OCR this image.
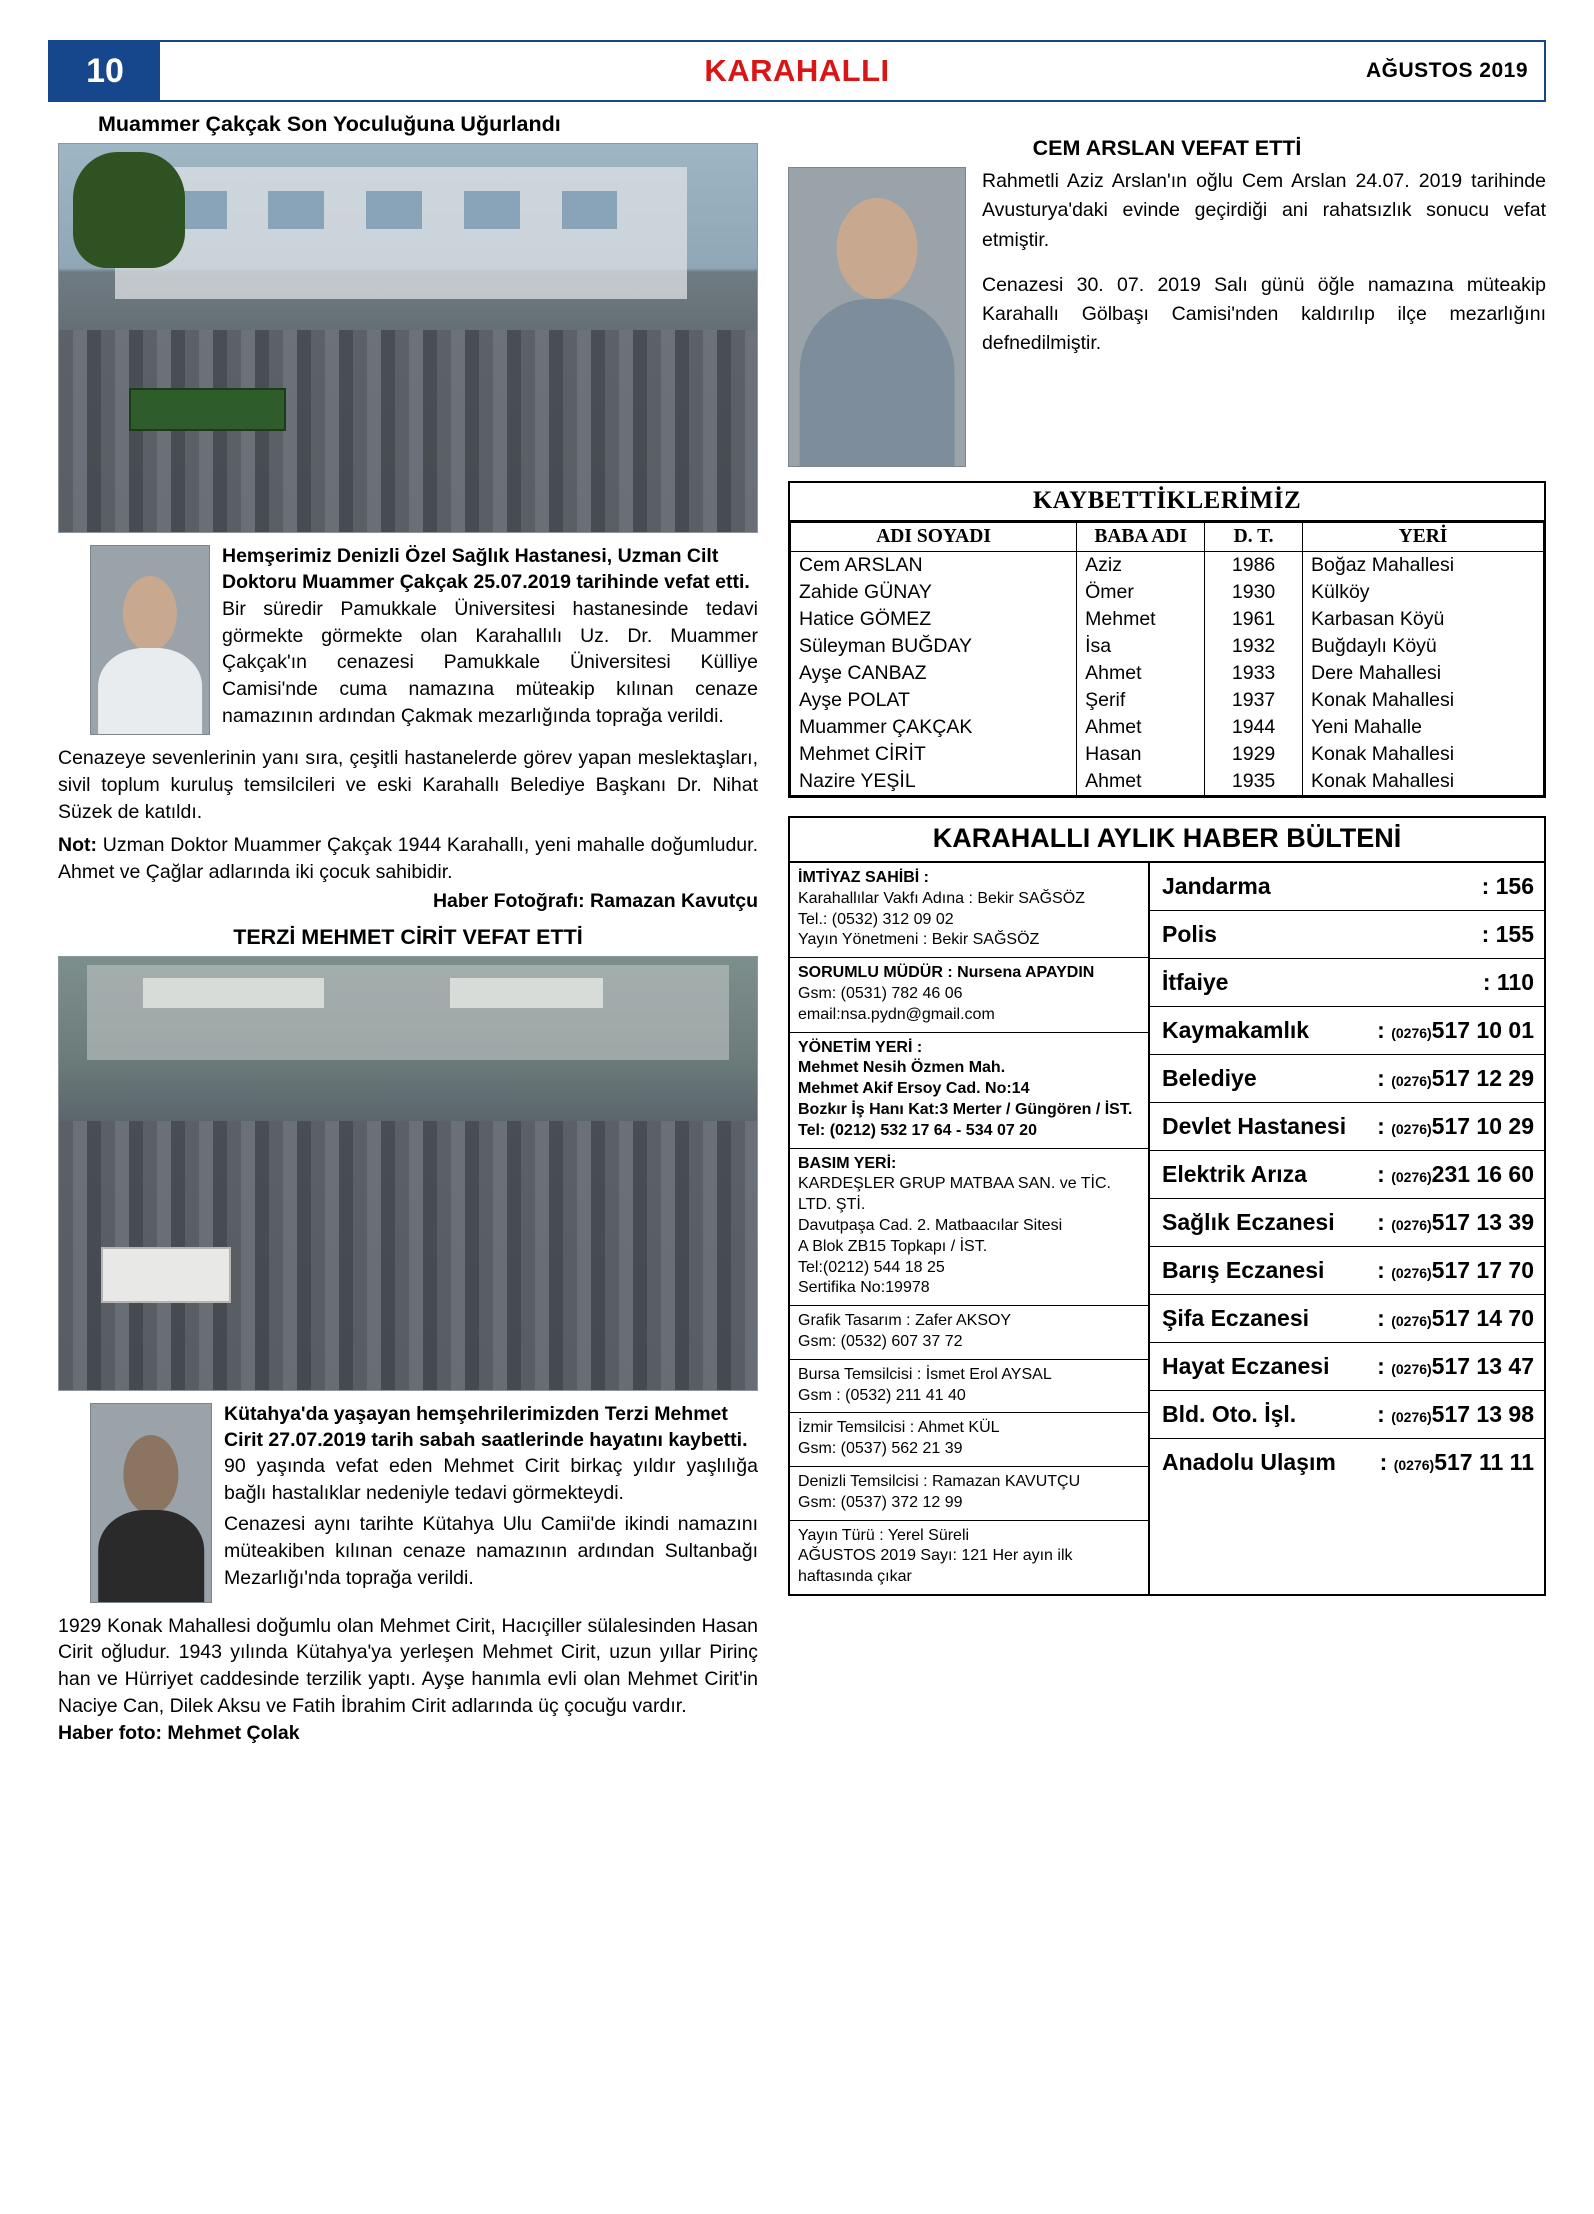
10	KARAHALLI	AĞUSTOS 2019
Muammer Çakçak Son Yoculuğuna Uğurlandı
Hemşerimiz Denizli Özel Sağlık Hastanesi, Uzman Cilt Doktoru Muammer Çakçak 25.07.2019 tarihinde vefat etti.

Bir süredir Pamukkale Üniversitesi hastanesinde tedavi görmekte görmekte olan Karahallılı Uz. Dr. Muammer Çakçak'ın cenazesi Pamukkale Üniversitesi Külliye Camisi'nde cuma namazına müteakip kılınan cenaze namazının ardından Çakmak mezarlığında toprağa verildi.

Cenazeye sevenlerinin yanı sıra, çeşitli hastanelerde görev yapan meslektaşları, sivil toplum kuruluş temsilcileri ve eski Karahallı Belediye Başkanı Dr. Nihat Süzek de katıldı.

Not: Uzman Doktor Muammer Çakçak 1944 Karahallı, yeni mahalle doğumludur. Ahmet ve Çağlar adlarında iki çocuk sahibidir.

Haber Fotoğrafı: Ramazan Kavutçu
TERZİ MEHMET CİRİT VEFAT ETTİ
Kütahya'da yaşayan hemşehrilerimizden Terzi Mehmet Cirit 27.07.2019 tarih sabah saatlerinde hayatını kaybetti.

90 yaşında vefat eden Mehmet Cirit birkaç yıldır yaşlılığa bağlı hastalıklar nedeniyle tedavi görmekteydi.

Cenazesi aynı tarihte Kütahya Ulu Camii'de ikindi namazını müteakiben kılınan cenaze namazının ardından Sultanbağı Mezarlığı'nda toprağa verildi.

1929 Konak Mahallesi doğumlu olan Mehmet Cirit, Hacıçiller sülalesinden Hasan Cirit oğludur. 1943 yılında Kütahya'ya yerleşen Mehmet Cirit, uzun yıllar Pirinç han ve Hürriyet caddesinde terzilik yaptı. Ayşe hanımla evli olan Mehmet Cirit'in Naciye Can, Dilek Aksu ve Fatih İbrahim Cirit adlarında üç çocuğu vardır.

Haber foto: Mehmet Çolak
CEM ARSLAN VEFAT ETTİ

Rahmetli Aziz Arslan'ın oğlu Cem Arslan 24.07. 2019 tarihinde Avusturya'daki evinde geçirdiği ani rahatsızlık sonucu vefat etmiştir.

Cenazesi 30. 07. 2019 Salı günü öğle namazına müteakip Karahallı Gölbaşı Camisi'nden kaldırılıp ilçe mezarlığını defnedilmiştir.

KAYBETTİKLERİMİZ
ADI SOYADI	BABA ADI	D. T.	YERİ
Cem ARSLAN	Aziz	1986	Boğaz Mahallesi
Zahide GÜNAY	Ömer	1930	Külköy
Hatice GÖMEZ	Mehmet	1961	Karbasan Köyü
Süleyman BUĞDAY	İsa	1932	Buğdaylı Köyü
Ayşe CANBAZ	Ahmet	1933	Dere Mahallesi
Ayşe POLAT	Şerif	1937	Konak Mahallesi
Muammer ÇAKÇAK	Ahmet	1944	Yeni Mahalle
Mehmet CİRİT	Hasan	1929	Konak Mahallesi
Nazire YEŞİL	Ahmet	1935	Konak Mahallesi
KARAHALLI AYLIK HABER BÜLTENİ
İMTİYAZ SAHİBİ :
Karahallılar Vakfı Adına : Bekir SAĞSÖZ
Tel.: (0532) 312 09 02
Yayın Yönetmeni : Bekir SAĞSÖZ
SORUMLU MÜDÜR : Nursena APAYDIN
Gsm: (0531) 782 46 06
email:nsa.pydn@gmail.com
YÖNETİM YERİ :
Mehmet Nesih Özmen Mah.
Mehmet Akif Ersoy Cad. No:14
Bozkır İş Hanı Kat:3 Merter / Güngören / İST.
Tel: (0212) 532 17 64 - 534 07 20
BASIM YERİ:
KARDEŞLER GRUP MATBAA SAN. ve TİC. LTD. ŞTİ.
Davutpaşa Cad. 2. Matbaacılar Sitesi
A Blok ZB15 Topkapı / İST.
Tel:(0212) 544 18 25
Sertifika No:19978
Grafik Tasarım : Zafer AKSOY
Gsm: (0532) 607 37 72
Bursa Temsilcisi : İsmet Erol AYSAL
Gsm : (0532) 211 41 40
İzmir Temsilcisi : Ahmet KÜL
Gsm: (0537) 562 21 39
Denizli Temsilcisi : Ramazan KAVUTÇU
Gsm: (0537) 372 12 99
Yayın Türü : Yerel Süreli
AĞUSTOS 2019 Sayı: 121 Her ayın ilk haftasında çıkar
Jandarma	: 156
Polis	: 155
İtfaiye	: 110
Kaymakamlık	: (0276)517 10 01
Belediye	: (0276)517 12 29
Devlet Hastanesi : (0276)517 10 29
Elektrik Arıza	: (0276)231 16 60
Sağlık Eczanesi : (0276)517 13 39
Barış Eczanesi : (0276)517 17 70
Şifa Eczanesi	: (0276)517 14 70
Hayat Eczanesi : (0276)517 13 47
Bld. Oto. İşl.	: (0276)517 13 98
Anadolu Ulaşım : (0276)517 11 11
